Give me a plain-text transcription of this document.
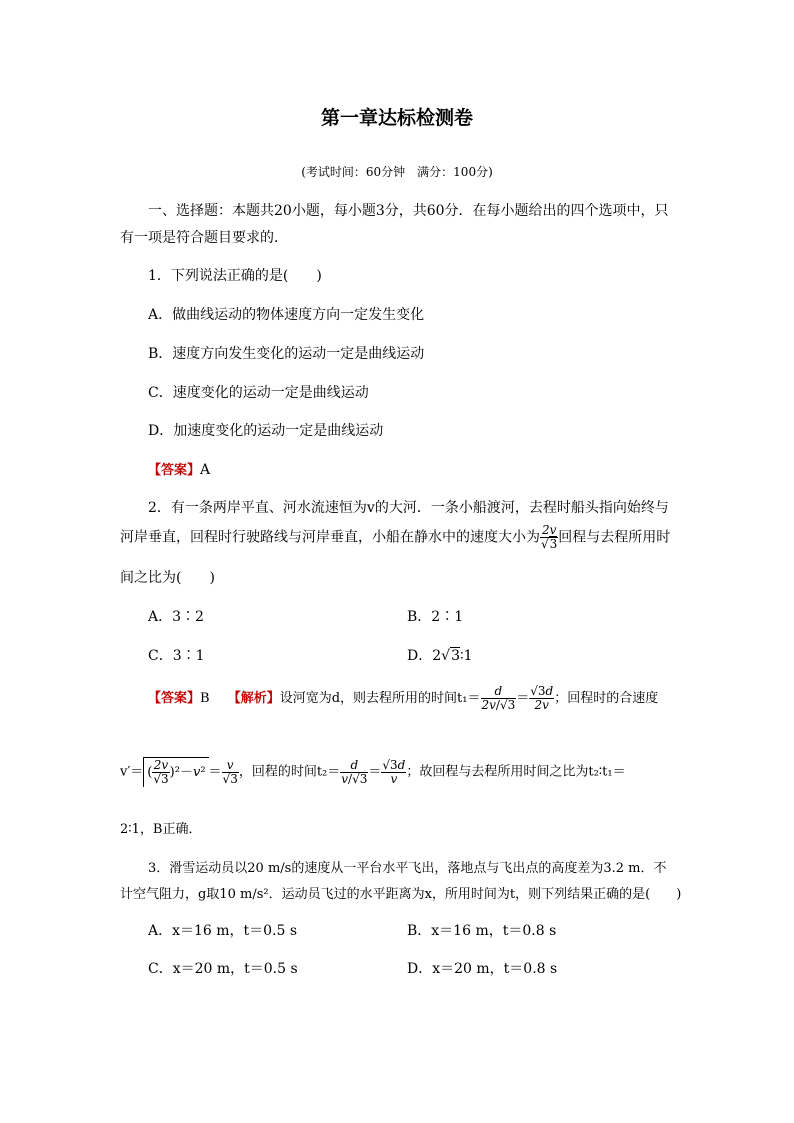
第一章达标检测卷
(考试时间：60分钟　满分：100分)
一、选择题：本题共20小题，每小题3分，共60分．在每小题给出的四个选项中，只
有一项是符合题目要求的．
1．下列说法正确的是(　　)
A．做曲线运动的物体速度方向一定发生变化
B．速度方向发生变化的运动一定是曲线运动
C．速度变化的运动一定是曲线运动
D．加速度变化的运动一定是曲线运动
【答案】A
2．有一条两岸平直、河水流速恒为v的大河．一条小船渡河，去程时船头指向始终与
河岸垂直，回程时行驶路线与河岸垂直，小船在静水中的速度大小为 $\frac{2v}{√3}$ 回程与去程所用时
间之比为(　　)
A．3∶2	B．2∶1
C．3∶1	D．2√3∶1
【答案】B 【解析】设河宽为d，则去程所用的时间$t_1= \frac{d}{2v/√3} = \frac{√3d}{2v}$ ；回程时的合速度
v′＝ ( $\frac{2v}{√3} )^2-v^2 = \frac{v}{√3}$ ，回程的时间$t_2= \frac{d}{v/√3} = \frac{√3d}{v}$ ；故回程与去程所用时间之比为t₂∶t₁＝
2∶1，B正确．
3．滑雪运动员以20 m/s的速度从一平台水平飞出，落地点与飞出点的高度差为3.2 m．不
计空气阻力，g取10 m/s²．运动员飞过的水平距离为x，所用时间为t，则下列结果正确的是(　　)
A．x＝16 m，t＝0.5 s	B．x＝16 m，t＝0.8 s
C．x＝20 m，t＝0.5 s	D．x＝20 m，t＝0.8 s
